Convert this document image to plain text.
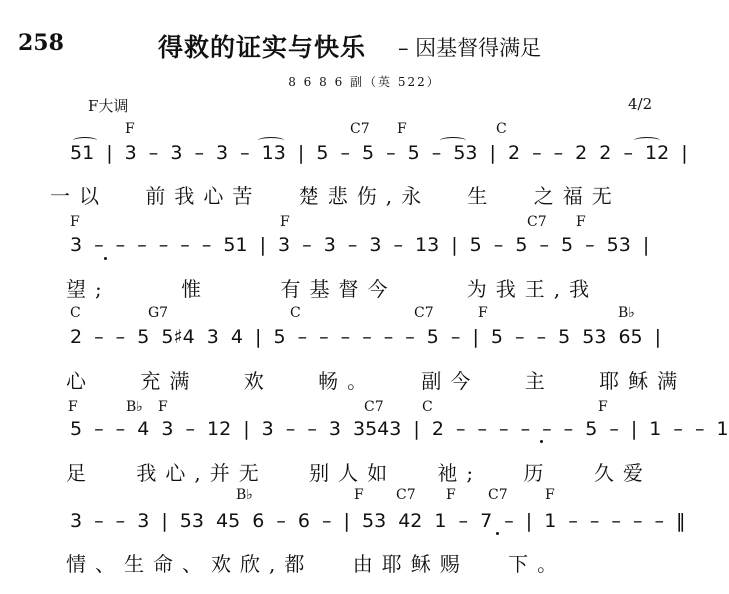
258	得救的证实与快乐 – 因基督得满足
8 6 8 6 副（英 522）
F大调	4/2
F	C7 F	C
51 | 3 – 3 – 3 – 13 | 5 – 5 – 5 – 53 | 2 – – 2 2 – 12 |
一以 前我心苦 楚悲伤,永 生 之福无
F	F	C7 F
3 – – – – – – 51 | 3 – 3 – 3 – 13 | 5 – 5 – 5 – 53 |
望; 惟 有基督今 为我王,我
C	G7	C	C7	F	B♭
2 – – 5 5♯4 3 4 | 5 – – – – – – 5 – | 5 – – 5 53 65 |
心 充满 欢 畅。 副今 主 耶稣满
F	B♭ F	C7	C	F
5 – – 4 3 – 12 | 3 – – 3 3543 | 2 – – – – – – 5 – | 1 – – 1
足 我心,并无 别人如 祂; 历 久爱
B♭	F C7 F C7	F
3 – – 3 | 53 45 6 – 6 – | 53 42 1 – 7 – | 1 – – – – – ‖
情、生命、欢欣,都 由耶稣赐 下。
